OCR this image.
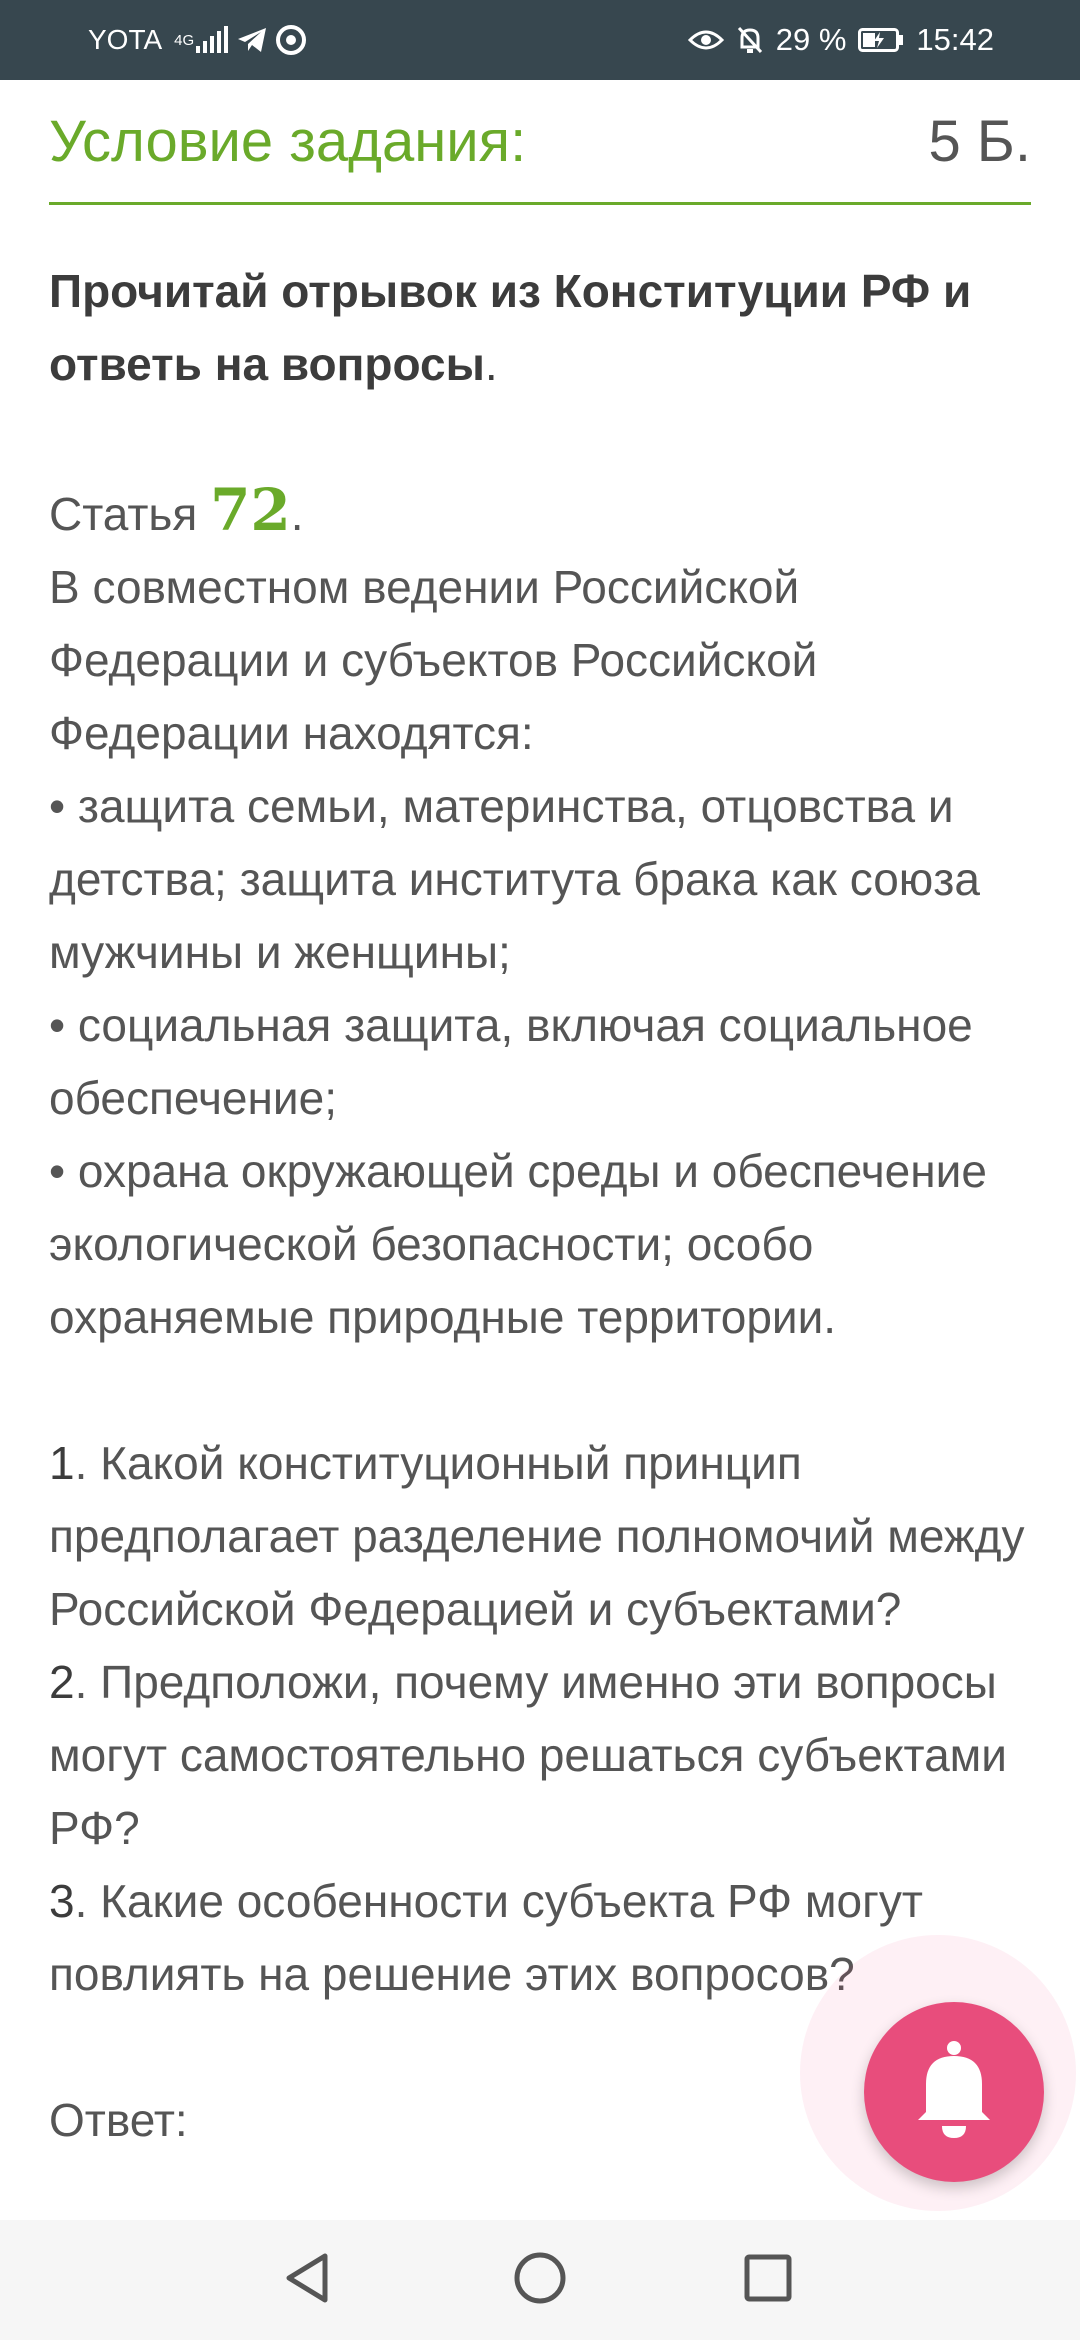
YOTA 4G	29 % 15:42
Условие задания:	5 Б.
Прочитай отрывок из Конституции РФ и ответь на вопросы.
Статья 72.
В совместном ведении Российской Федерации и субъектов Российской Федерации находятся:
• защита семьи, материнства, отцовства и детства; защита института брака как союза мужчины и женщины;
• социальная защита, включая социальное обеспечение;
• охрана окружающей среды и обеспечение экологической безопасности; особо охраняемые природные территории.
1. Какой конституционный принцип предполагает разделение полномочий между Российской Федерацией и субъектами?
2. Предположи, почему именно эти вопросы могут самостоятельно решаться субъектами РФ?
3. Какие особенности субъекта РФ могут повлиять на решение этих вопросов?
Ответ:
